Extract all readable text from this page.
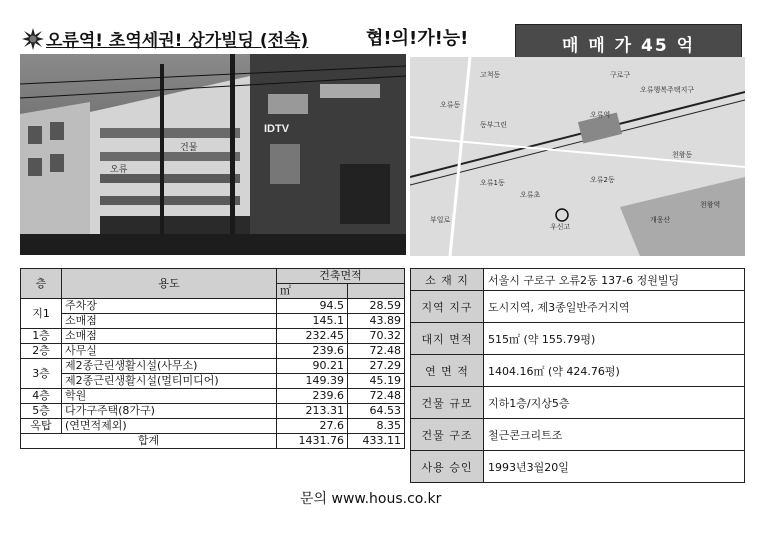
오류역! 초역세권! 상가빌딩 (전속)	협!의!가!능!	매 매 가 45 억
IDTV
오류
건물
오류역
오류행복주택지구
고척동
오류동
동부그린
천왕동
구로구
오류1동	오류2동
부일로
천왕역
개웅산
오류초
우신고
층	용도	건축면적	
		㎡	
지1	주차장	94.5	28.59
	소매점	145.1	43.89
1층	소매점	232.45	70.32
2층	사무실	239.6	72.48
3층	제2종근린생활시설(사무소)	90.21	27.29
	제2종근린생활시설(멀티미디어)	149.39	45.19
4층	학원	239.6	72.48
5층	다가구주택(8가구)	213.31	64.53
옥탑	(연면적제외)	27.6	8.35
합계		1431.76	433.11
소 재 지	서울시 구로구 오류2동 137-6 정원빌딩
지역 지구	도시지역, 제3종일반주거지역
대지 면적	515㎡ (약 155.79평)
연 면 적	1404.16㎡ (약 424.76평)
건물 규모	지하1층/지상5층
건물 구조	철근콘크리트조
사용 승인	1993년3월20일
문의 www.hous.co.kr
